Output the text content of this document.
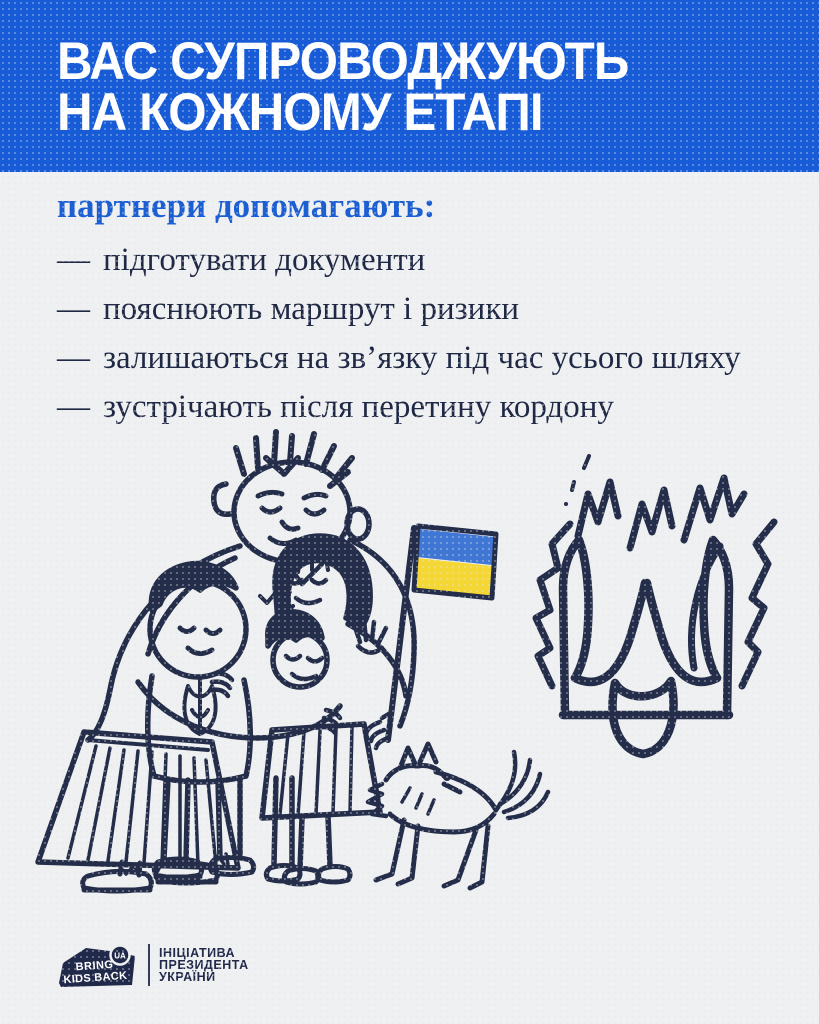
ВАС СУПРОВОДЖУЮТЬ
НА КОЖНОМУ ЕТАПІ

партнери допомагають:

— підготувати документи
— пояснюють маршрут і ризики
— залишаються на зв’язку під час усього шляху
— зустрічають після перетину кордону
UA
BRING
KIDS BACK
ІНІЦІАТИВА
ПРЕЗИДЕНТА
УКРАЇНИ
